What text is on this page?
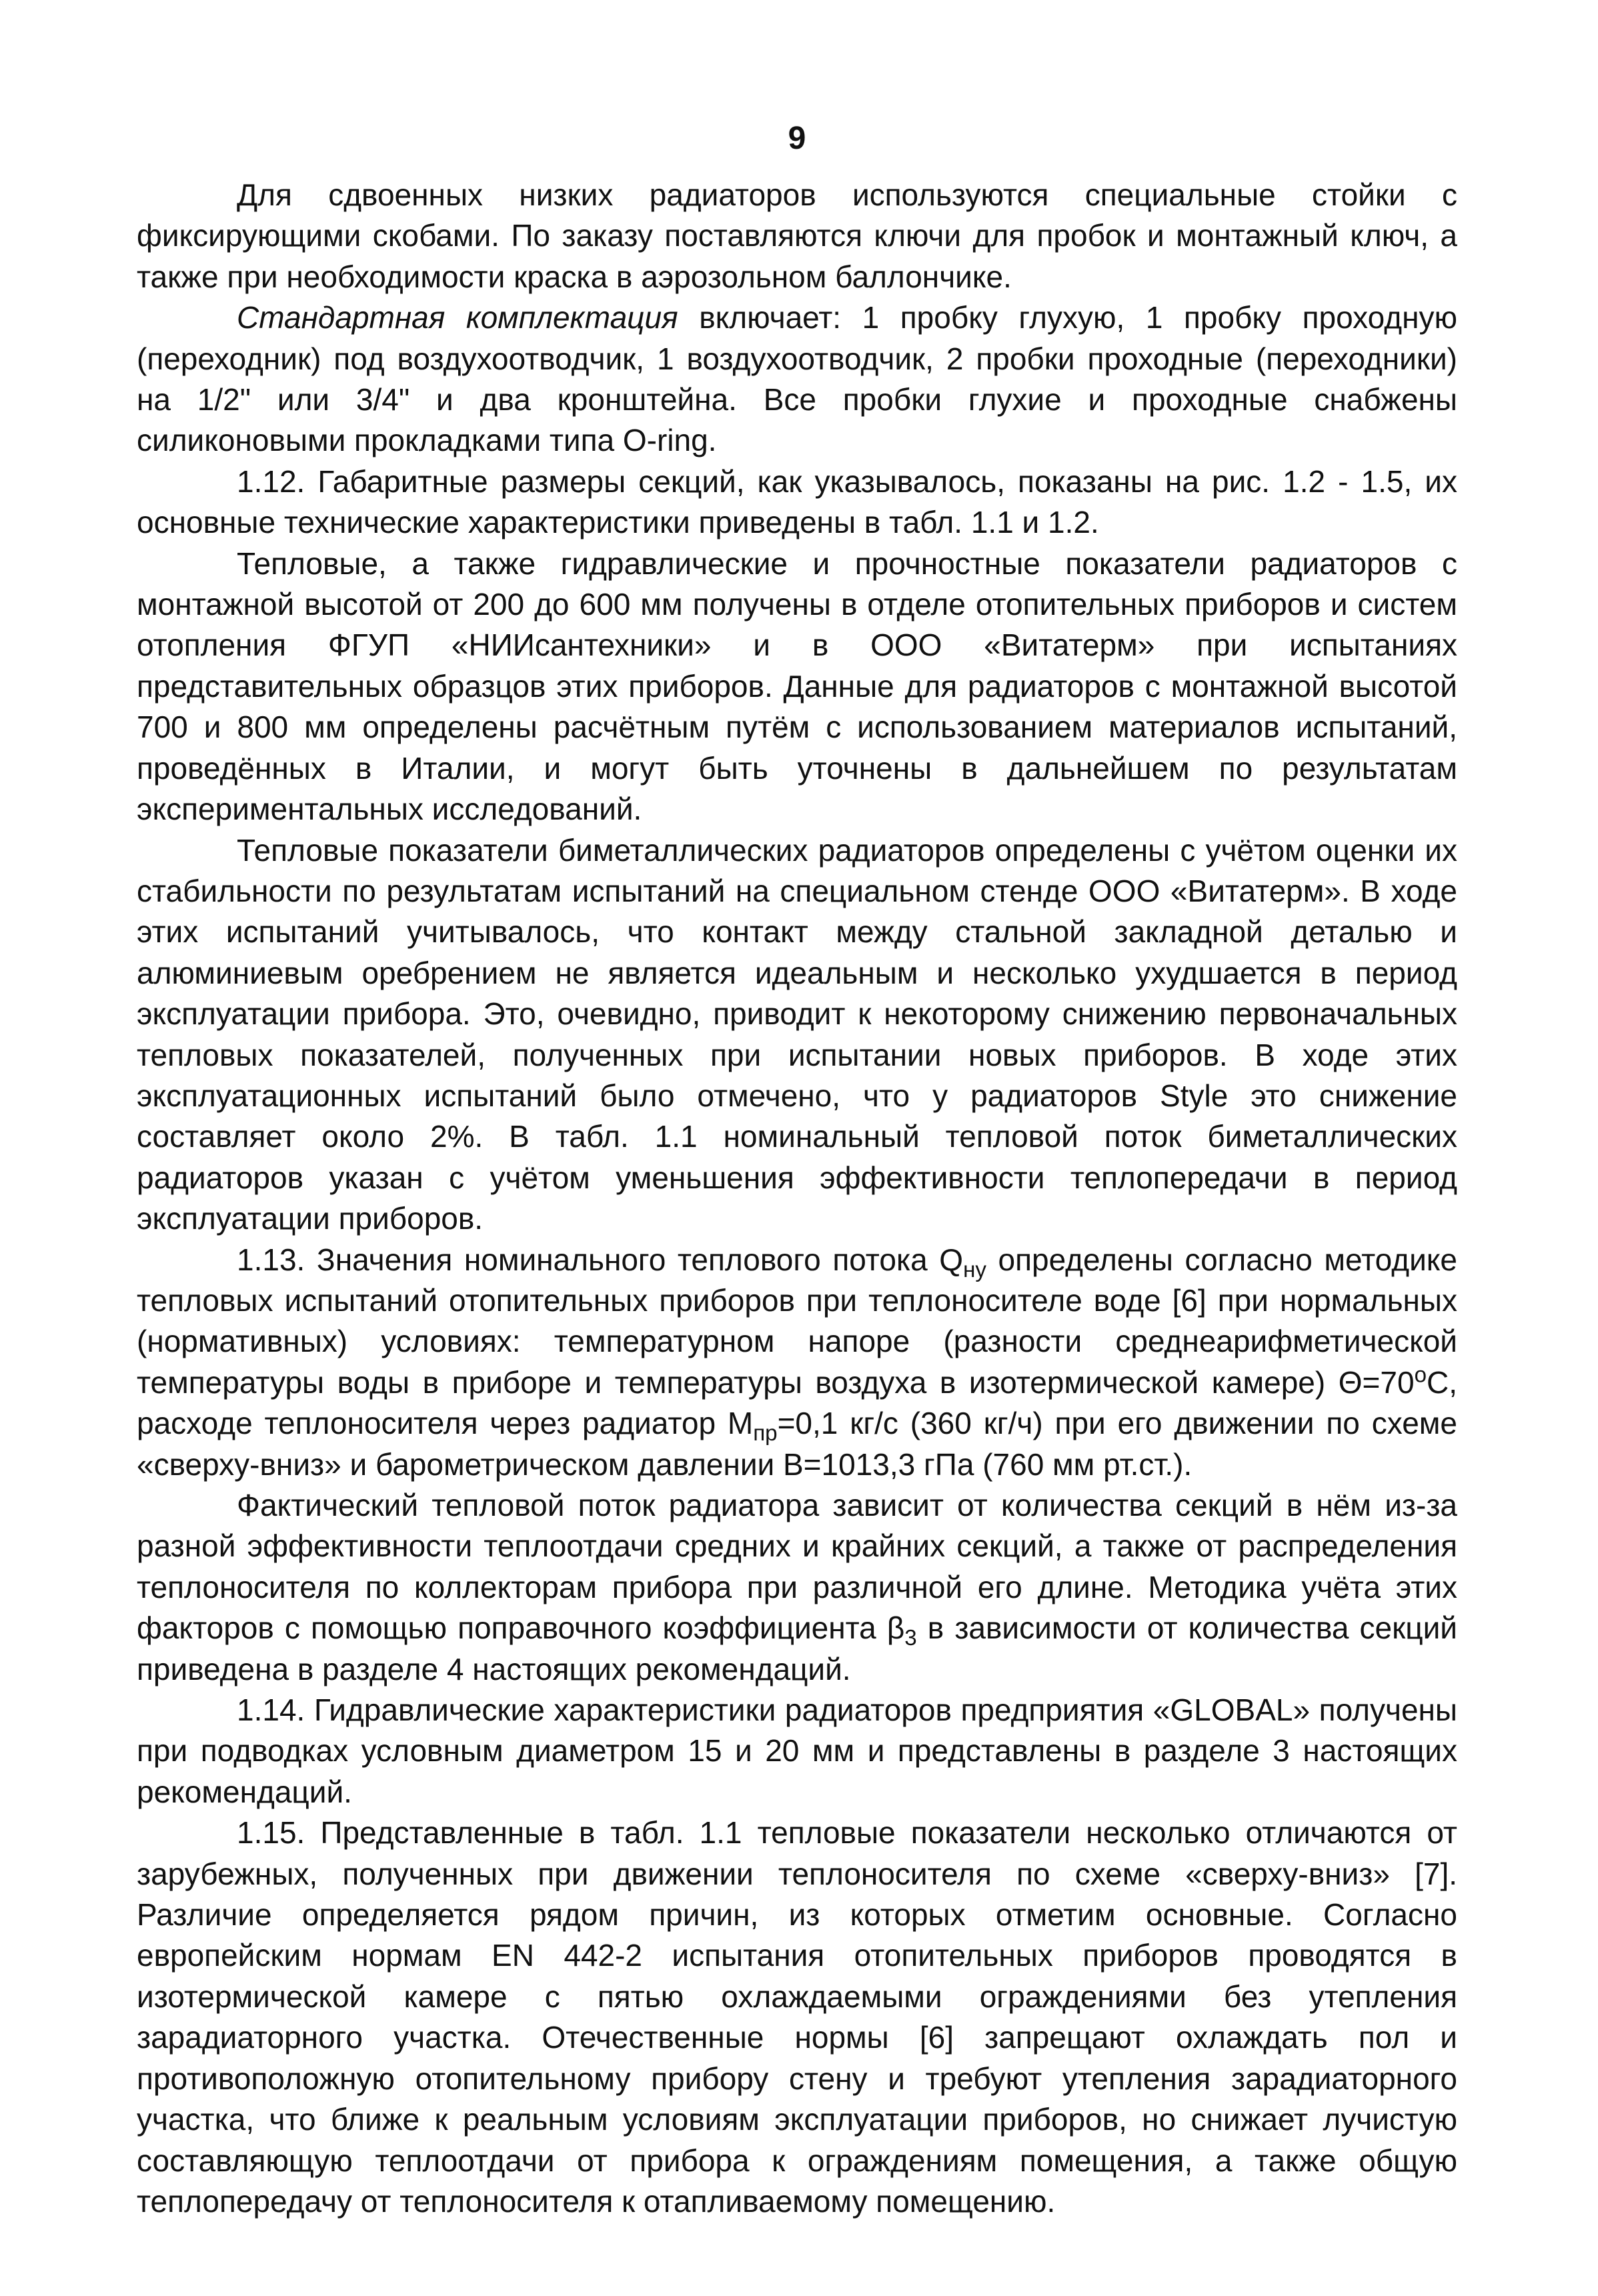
9

Для сдвоенных низких радиаторов используются специальные стойки с фиксирующими скобами. По заказу поставляются ключи для пробок и монтажный ключ, а также при необходимости краска в аэрозольном баллончике.

Стандартная комплектация включает: 1 пробку глухую, 1 пробку проходную (переходник) под воздухоотводчик, 1 воздухоотводчик, 2 пробки проходные (переходники) на 1/2" или 3/4" и два кронштейна. Все пробки глухие и проходные снабжены силиконовыми прокладками типа O-ring.

1.12. Габаритные размеры секций, как указывалось, показаны на рис. 1.2 - 1.5, их основные технические характеристики приведены в табл. 1.1 и 1.2.

Тепловые, а также гидравлические и прочностные показатели радиаторов с монтажной высотой от 200 до 600 мм получены в отделе отопительных приборов и систем отопления ФГУП «НИИсантехники» и в ООО «Витатерм» при испытаниях представительных образцов этих приборов. Данные для радиаторов с монтажной высотой 700 и 800 мм определены расчётным путём с использованием материалов испытаний, проведённых в Италии, и могут быть уточнены в дальнейшем по результатам экспериментальных исследований.

Тепловые показатели биметаллических радиаторов определены с учётом оценки их стабильности по результатам испытаний на специальном стенде ООО «Витатерм». В ходе этих испытаний учитывалось, что контакт между стальной закладной деталью и алюминиевым оребрением не является идеальным и несколько ухудшается в период эксплуатации прибора. Это, очевидно, приводит к некоторому снижению первоначальных тепловых показателей, полученных при испытании новых приборов. В ходе этих эксплуатационных испытаний было отмечено, что у радиаторов Style это снижение составляет около 2%. В табл. 1.1 номинальный тепловой поток биметаллических радиаторов указан с учётом уменьшения эффективности теплопередачи в период эксплуатации приборов.

1.13. Значения номинального теплового потока $Q_{ну}$ определены согласно методике тепловых испытаний отопительных приборов при теплоносителе воде [6] при нормальных (нормативных) условиях: температурном напоре (разности среднеарифметической температуры воды в приборе и температуры воздуха в изотермической камере) $\Theta=70^oС$, расходе теплоносителя через радиатор $М_{пр}=0,1$ кг/с (360 кг/ч) при его движении по схеме «сверху-вниз» и барометрическом давлении В=1013,3 гПа (760 мм рт.ст.).

Фактический тепловой поток радиатора зависит от количества секций в нём из-за разной эффективности теплоотдачи средних и крайних секций, а также от распределения теплоносителя по коллекторам прибора при различной его длине. Методика учёта этих факторов с помощью поправочного коэффициента $\beta_3$ в зависимости от количества секций приведена в разделе 4 настоящих рекомендаций.

1.14. Гидравлические характеристики радиаторов предприятия «GLOBAL» получены при подводках условным диаметром 15 и 20 мм и представлены в разделе 3 настоящих рекомендаций.

1.15. Представленные в табл. 1.1 тепловые показатели несколько отличаются от зарубежных, полученных при движении теплоносителя по схеме «сверху-вниз» [7]. Различие определяется рядом причин, из которых отметим основные. Согласно европейским нормам EN 442-2 испытания отопительных приборов проводятся в изотермической камере с пятью охлаждаемыми ограждениями без утепления зарадиаторного участка. Отечественные нормы [6] запрещают охлаждать пол и противоположную отопительному прибору стену и требуют утепления зарадиаторного участка, что ближе к реальным условиям эксплуатации приборов, но снижает лучистую составляющую теплоотдачи от прибора к ограждениям помещения, а также общую теплопередачу от теплоносителя к отапливаемому помещению.
